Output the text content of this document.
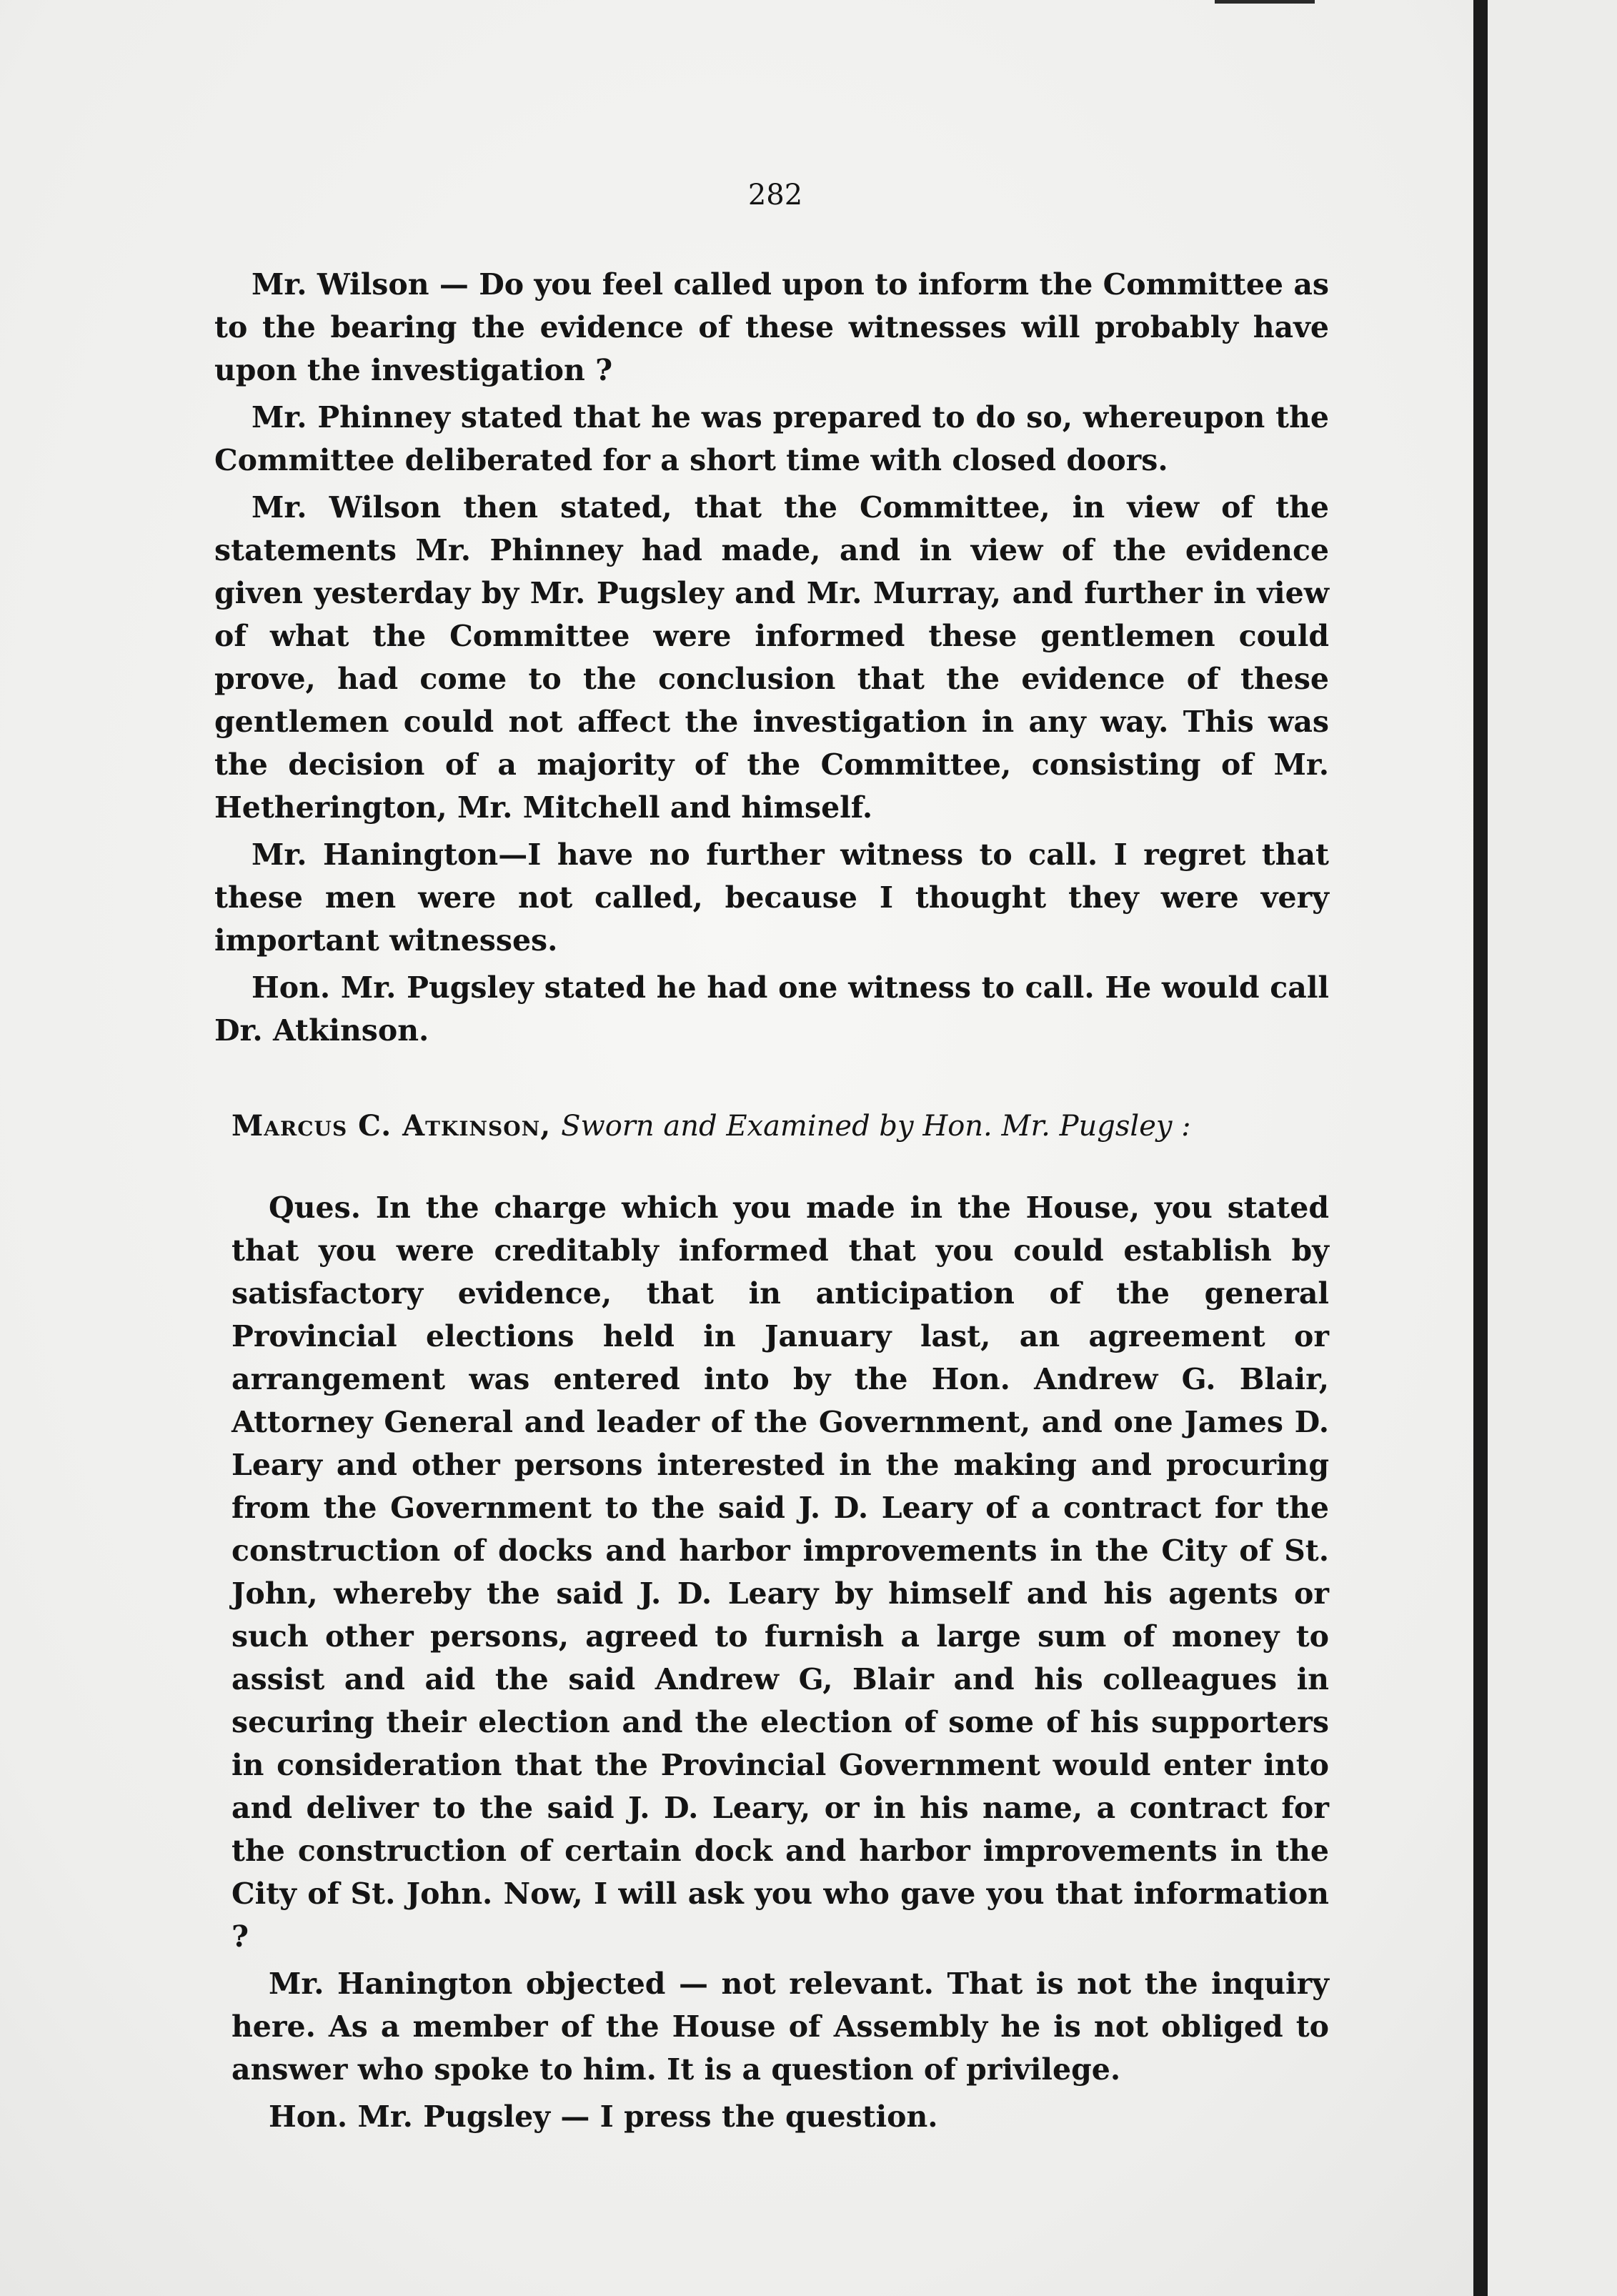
282

Mr. Wilson — Do you feel called upon to inform the Committee as to the bearing the evidence of these witnesses will probably have upon the investigation ?

Mr. Phinney stated that he was prepared to do so, whereupon the Committee deliberated for a short time with closed doors.

Mr. Wilson then stated, that the Committee, in view of the statements Mr. Phinney had made, and in view of the evidence given yesterday by Mr. Pugsley and Mr. Murray, and further in view of what the Committee were informed these gentlemen could prove, had come to the conclusion that the evidence of these gentlemen could not affect the investigation in any way. This was the decision of a majority of the Committee, consisting of Mr. Hetherington, Mr. Mitchell and himself.

Mr. Hanington—I have no further witness to call. I regret that these men were not called, because I thought they were very important witnesses.

Hon. Mr. Pugsley stated he had one witness to call. He would call Dr. Atkinson.

Marcus C. Atkinson, Sworn and Examined by Hon. Mr. Pugsley :

Ques. In the charge which you made in the House, you stated that you were creditably informed that you could establish by satisfactory evidence, that in anticipation of the general Provincial elections held in January last, an agreement or arrangement was entered into by the Hon. Andrew G. Blair, Attorney General and leader of the Government, and one James D. Leary and other persons interested in the making and procuring from the Government to the said J. D. Leary of a contract for the construction of docks and harbor improvements in the City of St. John, whereby the said J. D. Leary by himself and his agents or such other persons, agreed to furnish a large sum of money to assist and aid the said Andrew G, Blair and his colleagues in securing their election and the election of some of his supporters in consideration that the Provincial Government would enter into and deliver to the said J. D. Leary, or in his name, a contract for the construction of certain dock and harbor improvements in the City of St. John. Now, I will ask you who gave you that information ?

Mr. Hanington objected — not relevant. That is not the inquiry here. As a member of the House of Assembly he is not obliged to answer who spoke to him. It is a question of privilege.

Hon. Mr. Pugsley — I press the question.
